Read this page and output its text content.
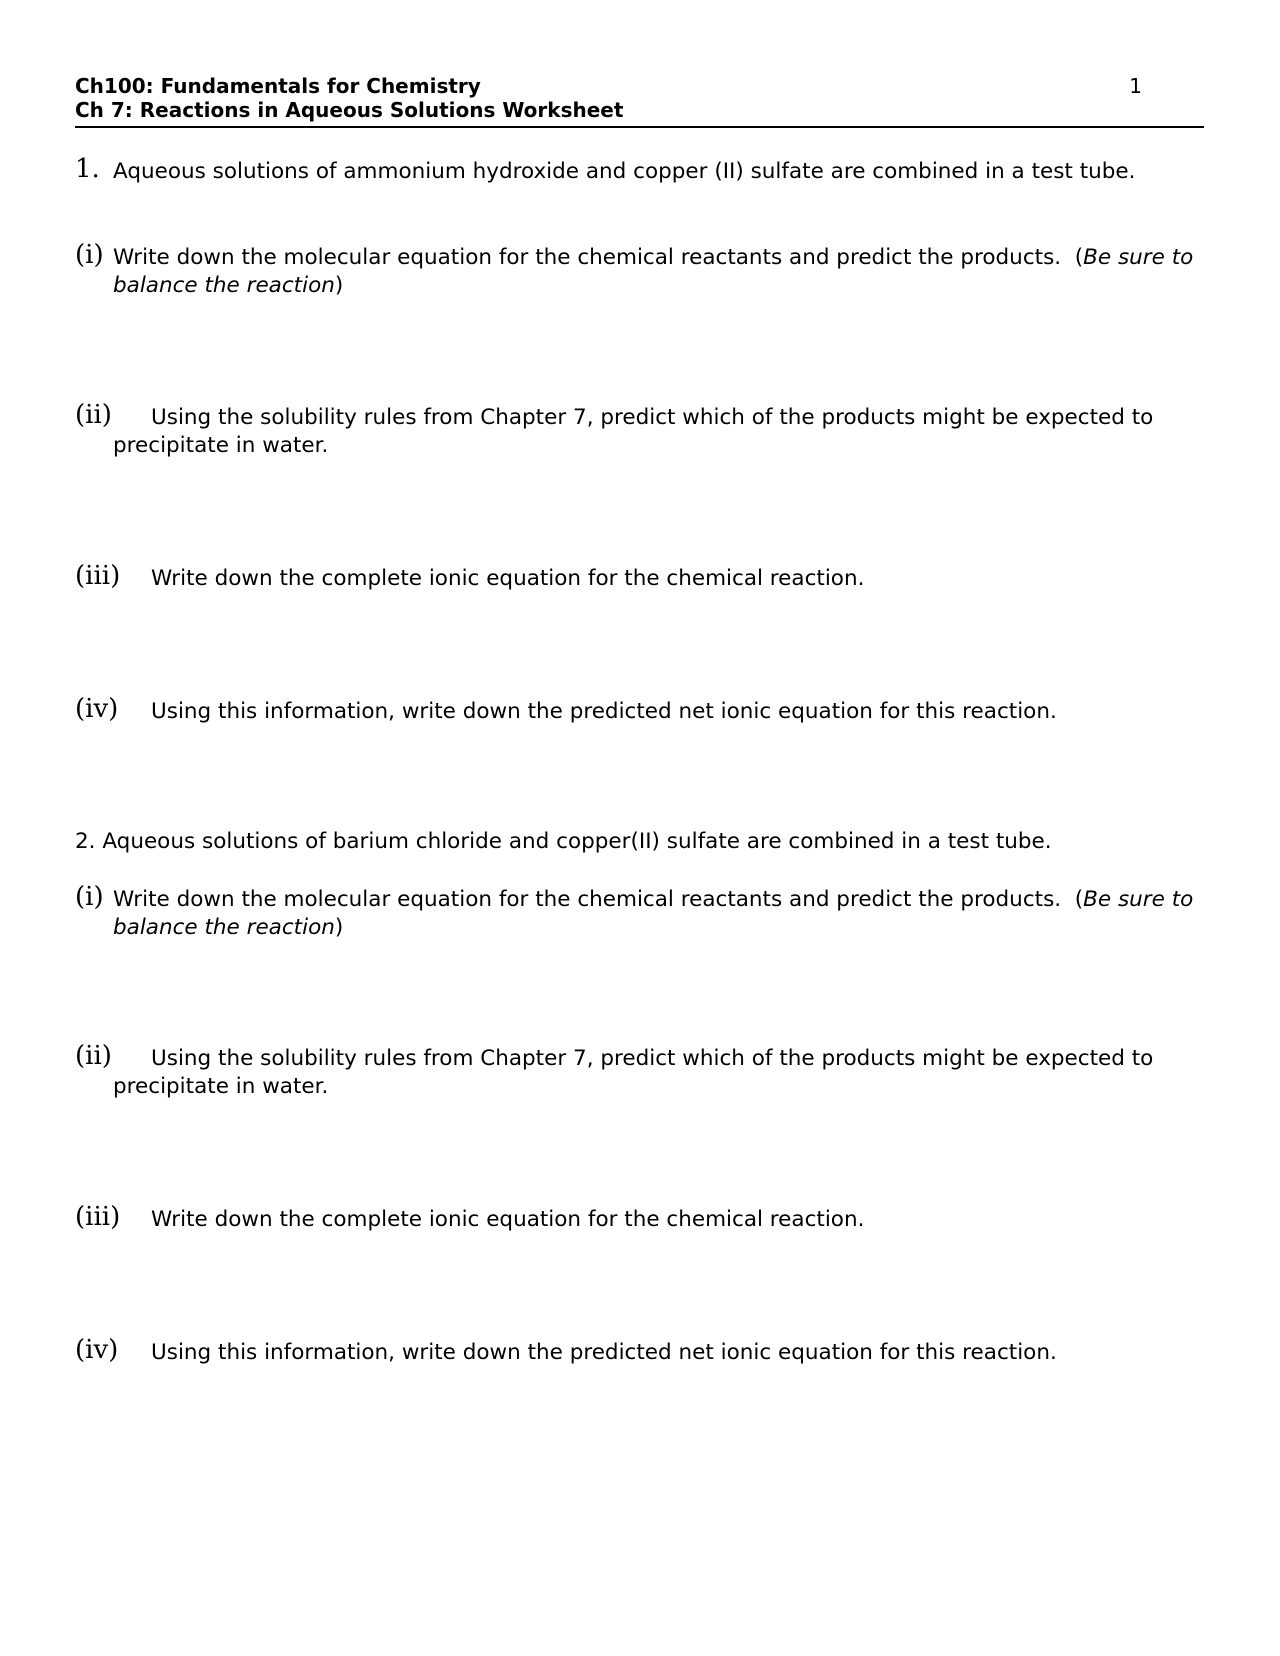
Ch100: Fundamentals for Chemistry
Ch 7: Reactions in Aqueous Solutions Worksheet
1
1. Aqueous solutions of ammonium hydroxide and copper (II) sulfate are combined in a test tube.
(i) Write down the molecular equation for the chemical reactants and predict the products. (Be sure to balance the reaction)
(ii)	Using the solubility rules from Chapter 7, predict which of the products might be expected to precipitate in water.
(iii)	Write down the complete ionic equation for the chemical reaction.
(iv)	Using this information, write down the predicted net ionic equation for this reaction.
2. Aqueous solutions of barium chloride and copper(II) sulfate are combined in a test tube.
(i) Write down the molecular equation for the chemical reactants and predict the products. (Be sure to balance the reaction)
(ii)	Using the solubility rules from Chapter 7, predict which of the products might be expected to precipitate in water.
(iii)	Write down the complete ionic equation for the chemical reaction.
(iv)	Using this information, write down the predicted net ionic equation for this reaction.
